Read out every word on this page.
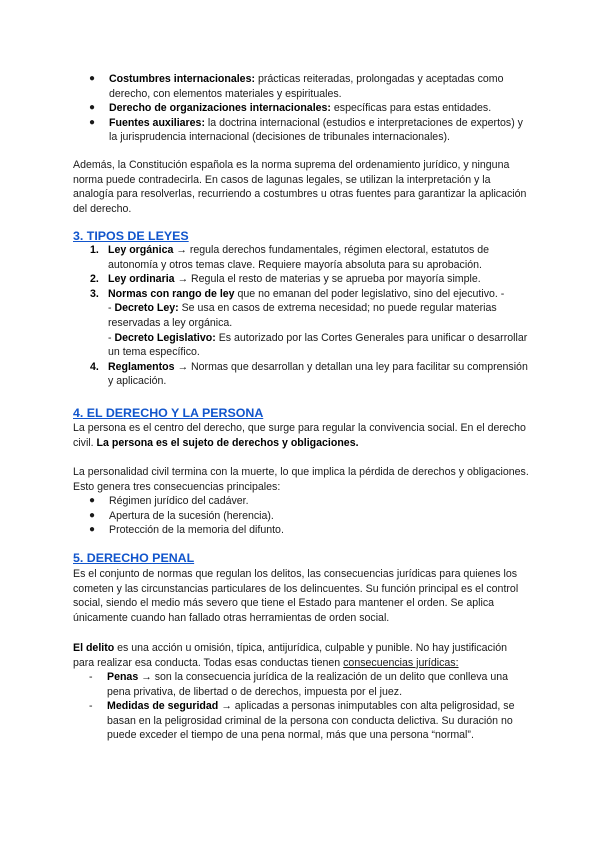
● Costumbres internacionales: prácticas reiteradas, prolongadas y aceptadas como derecho, con elementos materiales y espirituales.
● Derecho de organizaciones internacionales: específicas para estas entidades.
● Fuentes auxiliares: la doctrina internacional (estudios e interpretaciones de expertos) y la jurisprudencia internacional (decisiones de tribunales internacionales).

Además, la Constitución española es la norma suprema del ordenamiento jurídico, y ninguna norma puede contradecirla. En casos de lagunas legales, se utilizan la interpretación y la analogía para resolverlas, recurriendo a costumbres u otras fuentes para garantizar la aplicación del derecho.

3. TIPOS DE LEYES
1. Ley orgánica → regula derechos fundamentales, régimen electoral, estatutos de autonomía y otros temas clave. Requiere mayoría absoluta para su aprobación.
2. Ley ordinaria → Regula el resto de materias y se aprueba por mayoría simple.
3. Normas con rango de ley que no emanan del poder legislativo, sino del ejecutivo. -
- Decreto Ley: Se usa en casos de extrema necesidad; no puede regular materias reservadas a ley orgánica.
- Decreto Legislativo: Es autorizado por las Cortes Generales para unificar o desarrollar un tema específico.
4. Reglamentos → Normas que desarrollan y detallan una ley para facilitar su comprensión y aplicación.
4. EL DERECHO Y LA PERSONA

La persona es el centro del derecho, que surge para regular la convivencia social. En el derecho civil. La persona es el sujeto de derechos y obligaciones.

La personalidad civil termina con la muerte, lo que implica la pérdida de derechos y obligaciones. Esto genera tres consecuencias principales:

● Régimen jurídico del cadáver.
● Apertura de la sucesión (herencia).
● Protección de la memoria del difunto.
5. DERECHO PENAL

Es el conjunto de normas que regulan los delitos, las consecuencias jurídicas para quienes los cometen y las circunstancias particulares de los delincuentes. Su función principal es el control social, siendo el medio más severo que tiene el Estado para mantener el orden. Se aplica únicamente cuando han fallado otras herramientas de orden social.

El delito es una acción u omisión, típica, antijurídica, culpable y punible. No hay justificación para realizar esa conducta. Todas esas conductas tienen consecuencias jurídicas:

- Penas → son la consecuencia jurídica de la realización de un delito que conlleva una pena privativa, de libertad o de derechos, impuesta por el juez.
- Medidas de seguridad → aplicadas a personas inimputables con alta peligrosidad, se basan en la peligrosidad criminal de la persona con conducta delictiva. Su duración no puede exceder el tiempo de una pena normal, más que una persona “normal”.
